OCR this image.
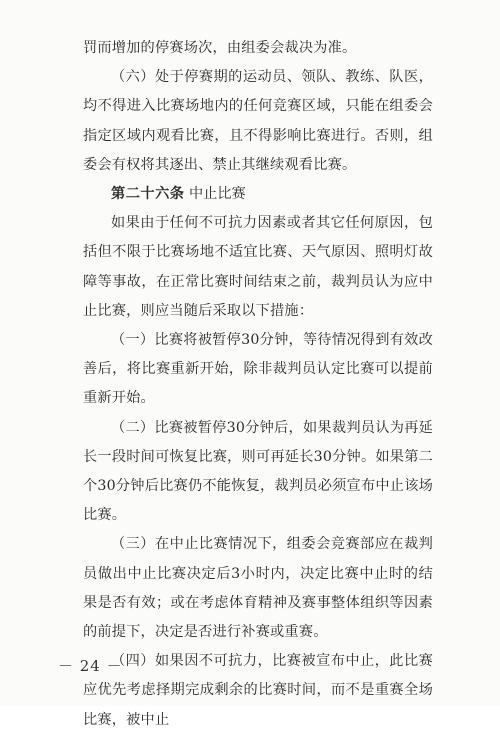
罚而增加的停赛场次，由组委会裁决为准。

（六）处于停赛期的运动员、领队、教练、队医，均不得进入比赛场地内的任何竞赛区域，只能在组委会指定区域内观看比赛，且不得影响比赛进行。否则，组委会有权将其逐出、禁止其继续观看比赛。

第二十六条 中止比赛

如果由于任何不可抗力因素或者其它任何原因，包括但不限于比赛场地不适宜比赛、天气原因、照明灯故障等事故，在正常比赛时间结束之前，裁判员认为应中止比赛，则应当随后采取以下措施：

（一）比赛将被暂停30分钟，等待情况得到有效改善后，将比赛重新开始，除非裁判员认定比赛可以提前重新开始。

（二）比赛被暂停30分钟后，如果裁判员认为再延长一段时间可恢复比赛，则可再延长30分钟。如果第二个30分钟后比赛仍不能恢复，裁判员必须宣布中止该场比赛。

（三）在中止比赛情况下，组委会竞赛部应在裁判员做出中止比赛决定后3小时内，决定比赛中止时的结果是否有效；或在考虑体育精神及赛事整体组织等因素的前提下，决定是否进行补赛或重赛。

（四）如果因不可抗力，比赛被宣布中止，此比赛应优先考虑择期完成剩余的比赛时间，而不是重赛全场比赛，被中止

－ 24 －
